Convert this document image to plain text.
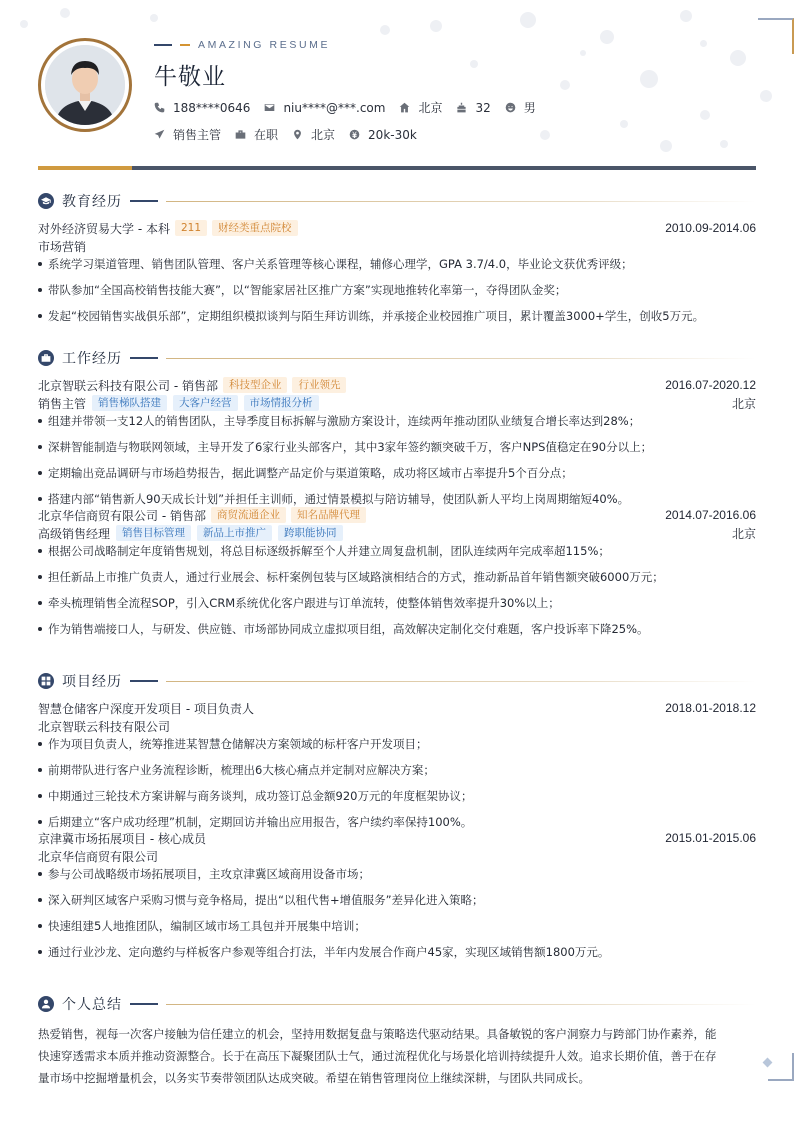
AMAZING RESUME
牛敬业
188****0646	niu****@***.com	北京	32	男
销售主管	在职	北京	20k-30k
教育经历
对外经济贸易大学 - 本科	211	财经类重点院校	2010.09-2014.06
市场营销
系统学习渠道管理、销售团队管理、客户关系管理等核心课程，辅修心理学，GPA 3.7/4.0，毕业论文获优秀评级；
带队参加“全国高校销售技能大赛”，以“智能家居社区推广方案”实现地推转化率第一，夺得团队金奖；
发起“校园销售实战俱乐部”，定期组织模拟谈判与陌生拜访训练，并承接企业校园推广项目，累计覆盖3000+学生，创收5万元。
工作经历
北京智联云科技有限公司 - 销售部	科技型企业	行业领先	2016.07-2020.12
销售主管	销售梯队搭建	大客户经营	市场情报分析	北京
组建并带领一支12人的销售团队，主导季度目标拆解与激励方案设计，连续两年推动团队业绩复合增长率达到28%；
深耕智能制造与物联网领域，主导开发了6家行业头部客户，其中3家年签约额突破千万，客户NPS值稳定在90分以上；
定期输出竞品调研与市场趋势报告，据此调整产品定价与渠道策略，成功将区域市占率提升5个百分点；
搭建内部“销售新人90天成长计划”并担任主训师，通过情景模拟与陪访辅导，使团队新人平均上岗周期缩短40%。
北京华信商贸有限公司 - 销售部	商贸流通企业	知名品牌代理	2014.07-2016.06
高级销售经理	销售目标管理	新品上市推广	跨职能协同	北京
根据公司战略制定年度销售规划，将总目标逐级拆解至个人并建立周复盘机制，团队连续两年完成率超115%；
担任新品上市推广负责人，通过行业展会、标杆案例包装与区域路演相结合的方式，推动新品首年销售额突破6000万元；
牵头梳理销售全流程SOP，引入CRM系统优化客户跟进与订单流转，使整体销售效率提升30%以上；
作为销售端接口人，与研发、供应链、市场部协同成立虚拟项目组，高效解决定制化交付难题，客户投诉率下降25%。
项目经历
智慧仓储客户深度开发项目 - 项目负责人	2018.01-2018.12
北京智联云科技有限公司
作为项目负责人，统筹推进某智慧仓储解决方案领域的标杆客户开发项目；
前期带队进行客户业务流程诊断，梳理出6大核心痛点并定制对应解决方案；
中期通过三轮技术方案讲解与商务谈判，成功签订总金额920万元的年度框架协议；
后期建立“客户成功经理”机制，定期回访并输出应用报告，客户续约率保持100%。
京津冀市场拓展项目 - 核心成员	2015.01-2015.06
北京华信商贸有限公司
参与公司战略级市场拓展项目，主攻京津冀区域商用设备市场；
深入研判区域客户采购习惯与竞争格局，提出“以租代售+增值服务”差异化进入策略；
快速组建5人地推团队，编制区域市场工具包并开展集中培训；
通过行业沙龙、定向邀约与样板客户参观等组合打法，半年内发展合作商户45家，实现区域销售额1800万元。
个人总结
热爱销售，视每一次客户接触为信任建立的机会，坚持用数据复盘与策略迭代驱动结果。具备敏锐的客户洞察力与跨部门协作素养，能
快速穿透需求本质并推动资源整合。长于在高压下凝聚团队士气，通过流程优化与场景化培训持续提升人效。追求长期价值，善于在存
量市场中挖掘增量机会，以务实节奏带领团队达成突破。希望在销售管理岗位上继续深耕，与团队共同成长。
